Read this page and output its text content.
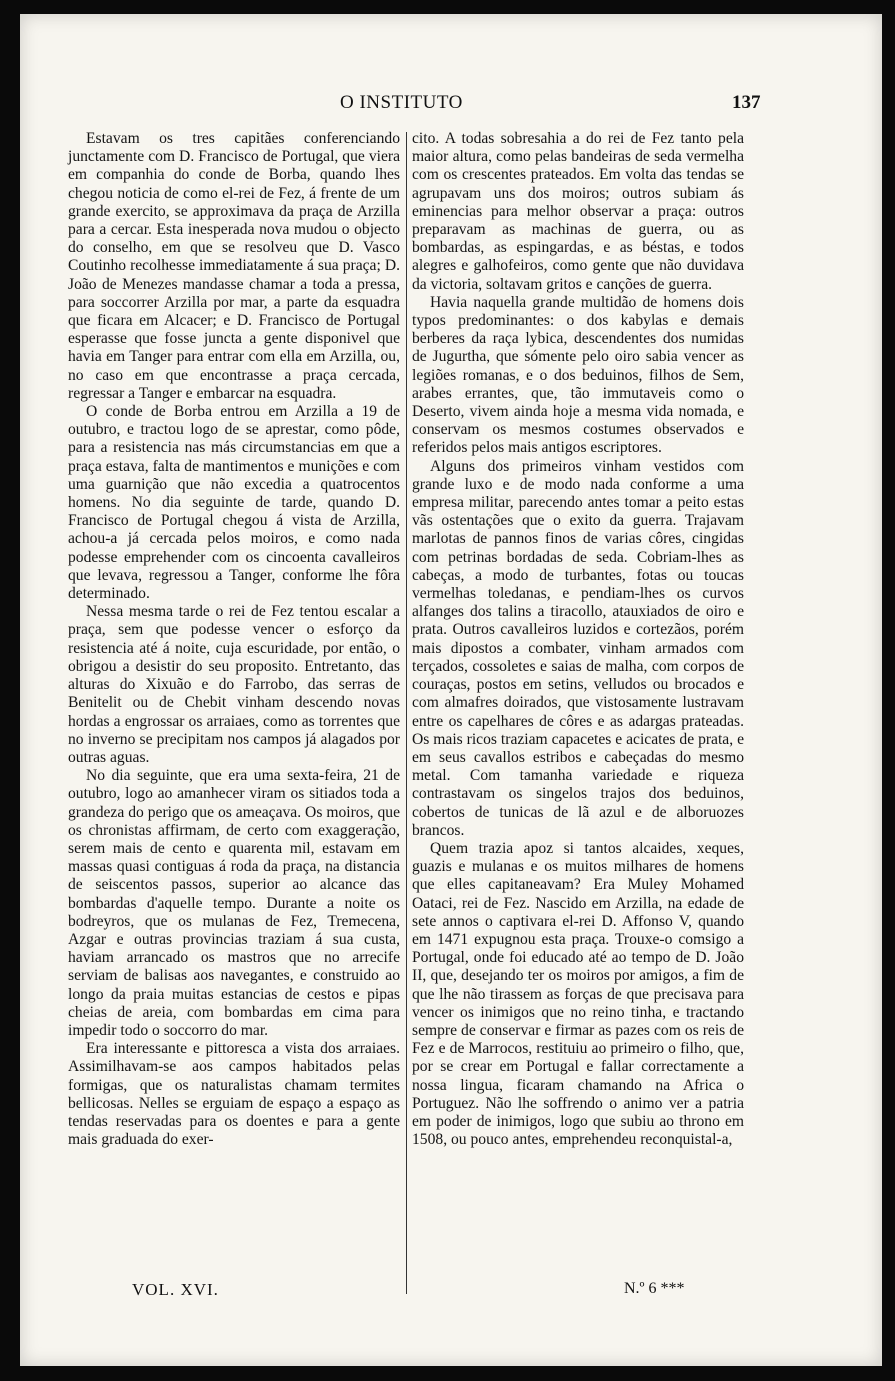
O INSTITUTO	137

Estavam os tres capitães conferenciando junctamente com D. Francisco de Portugal, que viera em companhia do conde de Borba, quando lhes chegou noticia de como el-rei de Fez, á frente de um grande exercito, se approximava da praça de Arzilla para a cercar. Esta inesperada nova mudou o objecto do conselho, em que se resolveu que D. Vasco Coutinho recolhesse immediatamente á sua praça; D. João de Menezes mandasse chamar a toda a pressa, para soccorrer Arzilla por mar, a parte da esquadra que ficara em Alcacer; e D. Francisco de Portugal esperasse que fosse juncta a gente disponivel que havia em Tanger para entrar com ella em Arzilla, ou, no caso em que encontrasse a praça cercada, regressar a Tanger e embarcar na esquadra.

O conde de Borba entrou em Arzilla a 19 de outubro, e tractou logo de se aprestar, como pôde, para a resistencia nas más circumstancias em que a praça estava, falta de mantimentos e munições e com uma guarnição que não excedia a quatrocentos homens. No dia seguinte de tarde, quando D. Francisco de Portugal chegou á vista de Arzilla, achou-a já cercada pelos moiros, e como nada podesse emprehender com os cincoenta cavalleiros que levava, regressou a Tanger, conforme lhe fôra determinado.

Nessa mesma tarde o rei de Fez tentou escalar a praça, sem que podesse vencer o esforço da resistencia até á noite, cuja escuridade, por então, o obrigou a desistir do seu proposito. Entretanto, das alturas do Xixuão e do Farrobo, das serras de Benitelit ou de Chebit vinham descendo novas hordas a engrossar os arraiaes, como as torrentes que no inverno se precipitam nos campos já alagados por outras aguas.

No dia seguinte, que era uma sexta-feira, 21 de outubro, logo ao amanhecer viram os sitiados toda a grandeza do perigo que os ameaçava. Os moiros, que os chronistas affirmam, de certo com exaggeração, serem mais de cento e quarenta mil, estavam em massas quasi contiguas á roda da praça, na distancia de seiscentos passos, superior ao alcance das bombardas d'aquelle tempo. Durante a noite os bodreyros, que os mulanas de Fez, Tremecena, Azgar e outras provincias traziam á sua custa, haviam arrancado os mastros que no arrecife serviam de balisas aos navegantes, e construido ao longo da praia muitas estancias de cestos e pipas cheias de areia, com bombardas em cima para impedir todo o soccorro do mar.

Era interessante e pittoresca a vista dos arraiaes. Assimilhavam-se aos campos habitados pelas formigas, que os naturalistas chamam termites bellicosas. Nelles se erguiam de espaço a espaço as tendas reservadas para os doentes e para a gente mais graduada do exer-

cito. A todas sobresahia a do rei de Fez tanto pela maior altura, como pelas bandeiras de seda vermelha com os crescentes prateados. Em volta das tendas se agrupavam uns dos moiros; outros subiam ás eminencias para melhor observar a praça: outros preparavam as machinas de guerra, ou as bombardas, as espingardas, e as béstas, e todos alegres e galhofeiros, como gente que não duvidava da victoria, soltavam gritos e canções de guerra.

Havia naquella grande multidão de homens dois typos predominantes: o dos kabylas e demais berberes da raça lybica, descendentes dos numidas de Jugurtha, que sómente pelo oiro sabia vencer as legiões romanas, e o dos beduinos, filhos de Sem, arabes errantes, que, tão immutaveis como o Deserto, vivem ainda hoje a mesma vida nomada, e conservam os mesmos costumes observados e referidos pelos mais antigos escriptores.

Alguns dos primeiros vinham vestidos com grande luxo e de modo nada conforme a uma empresa militar, parecendo antes tomar a peito estas vãs ostentações que o exito da guerra. Trajavam marlotas de pannos finos de varias côres, cingidas com petrinas bordadas de seda. Cobriam-lhes as cabeças, a modo de turbantes, fotas ou toucas vermelhas toledanas, e pendiam-lhes os curvos alfanges dos talins a tiracollo, atauxiados de oiro e prata. Outros cavalleiros luzidos e cortezãos, porém mais dipostos a combater, vinham armados com terçados, cossoletes e saias de malha, com corpos de couraças, postos em setins, velludos ou brocados e com almafres doirados, que vistosamente lustravam entre os capelhares de côres e as adargas prateadas. Os mais ricos traziam capacetes e acicates de prata, e em seus cavallos estribos e cabeçadas do mesmo metal. Com tamanha variedade e riqueza contrastavam os singelos trajos dos beduinos, cobertos de tunicas de lã azul e de alboruozes brancos.

Quem trazia apoz si tantos alcaides, xeques, guazis e mulanas e os muitos milhares de homens que elles capitaneavam? Era Muley Mohamed Oataci, rei de Fez. Nascido em Arzilla, na edade de sete annos o captivara el-rei D. Affonso V, quando em 1471 expugnou esta praça. Trouxe-o comsigo a Portugal, onde foi educado até ao tempo de D. João II, que, desejando ter os moiros por amigos, a fim de que lhe não tirassem as forças de que precisava para vencer os inimigos que no reino tinha, e tractando sempre de conservar e firmar as pazes com os reis de Fez e de Marrocos, restituiu ao primeiro o filho, que, por se crear em Portugal e fallar correctamente a nossa lingua, ficaram chamando na Africa o Portuguez. Não lhe soffrendo o animo ver a patria em poder de inimigos, logo que subiu ao throno em 1508, ou pouco antes, emprehendeu reconquistal-a,

VOL. XVI.	N.º 6 ***
